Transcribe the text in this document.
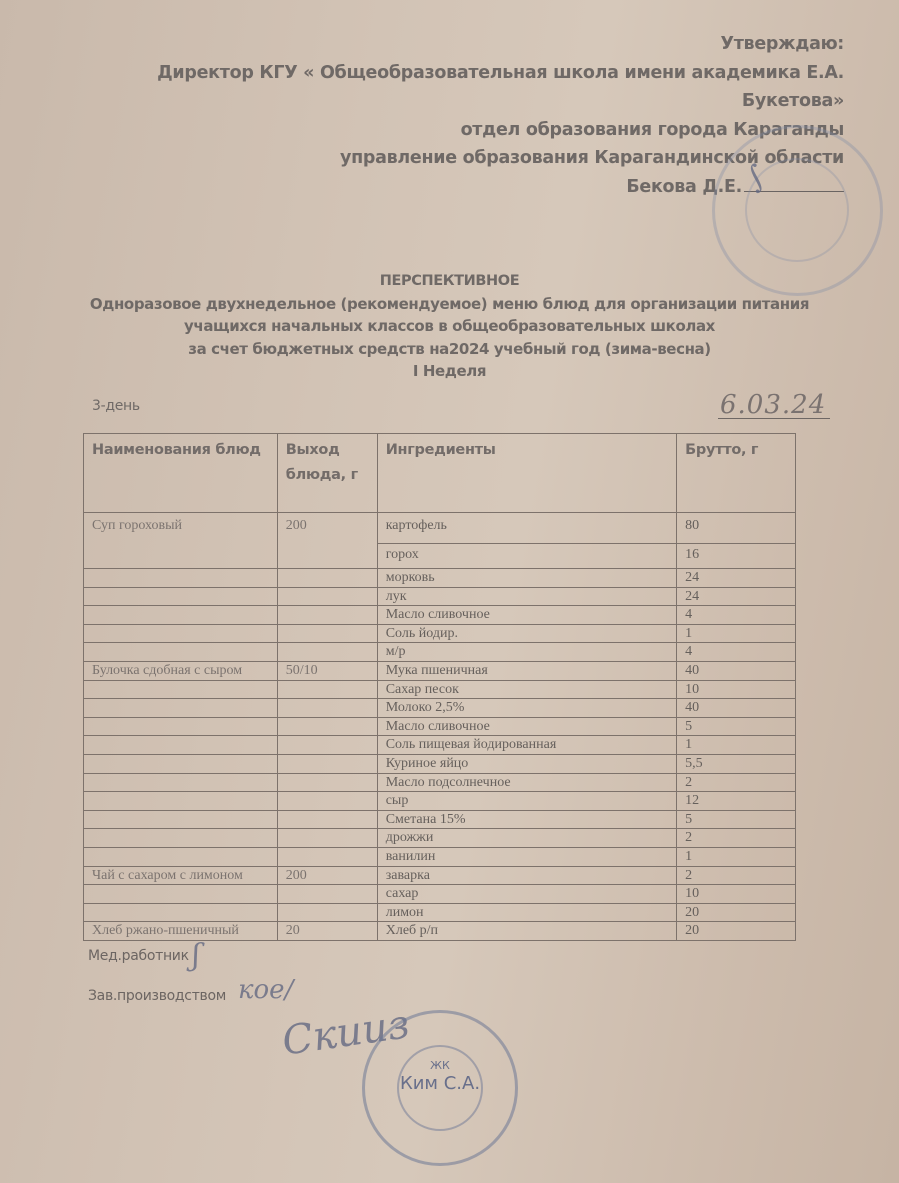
Утверждаю:
Директор КГУ « Общеобразовательная школа имени академика Е.А.
Букетова»
отдел образования города Караганды
управление образования Карагандинской области
Бекова Д.Е.
∫
ПЕРСПЕКТИВНОЕ
Одноразовое двухнедельное (рекомендуемое) меню блюд для организации питания
учащихся начальных классов в общеобразовательных школах
за счет бюджетных средств на2024 учебный год (зима-весна)
I Неделя
3-день	6.03.24
Наименования блюд	Выход блюда, г	Ингредиенты	Брутто, г
Суп гороховый	200	картофель	80
		горох	16
		морковь	24
		лук	24
		Масло сливочное	4
		Соль йодир.	1
		м/р	4
Булочка сдобная с сыром	50/10	Мука пшеничная	40
		Сахар песок	10
		Молоко 2,5%	40
		Масло сливочное	5
		Соль пищевая йодированная	1
		Куриное яйцо	5,5
		Масло подсолнечное	2
		сыр	12
		Сметана 15%	5
		дрожжи	2
		ванилин	1
Чай с сахаром с лимоном	200	заварка	2
		сахар	10
		лимон	20
Хлеб ржано-пшеничный	20	Хлеб р/п	20
Мед.работник
Зав.производством
ʃ
кое/
Скииз
ЖК
Ким С.А.
